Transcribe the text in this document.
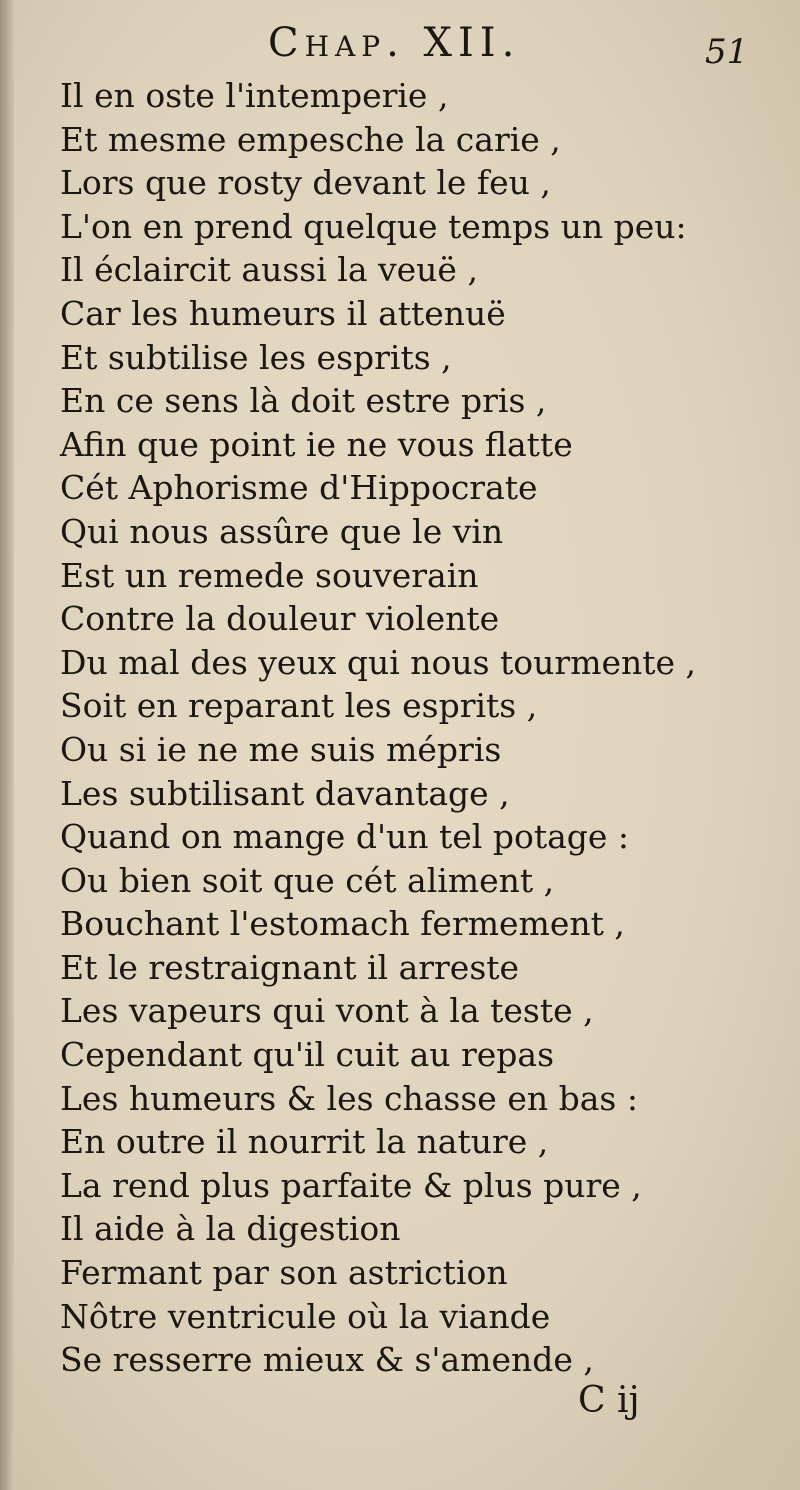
Chap. XII.	51
Il en oste l'intemperie ,
Et mesme empesche la carie ,
Lors que rosty devant le feu ,
L'on en prend quelque temps un peu:
Il éclaircit aussi la veuë ,
Car les humeurs il attenuë
Et subtilise les esprits ,
En ce sens là doit estre pris ,
Afin que point ie ne vous flatte
Cét Aphorisme d'Hippocrate
Qui nous assûre que le vin
Est un remede souverain
Contre la douleur violente
Du mal des yeux qui nous tourmente ,
Soit en reparant les esprits ,
Ou si ie ne me suis mépris
Les subtilisant davantage ,
Quand on mange d'un tel potage :
Ou bien soit que cét aliment ,
Bouchant l'estomach fermement ,
Et le restraignant il arreste
Les vapeurs qui vont à la teste ,
Cependant qu'il cuit au repas
Les humeurs & les chasse en bas :
En outre il nourrit la nature ,
La rend plus parfaite & plus pure ,
Il aide à la digestion
Fermant par son astriction
Nôtre ventricule où la viande
Se resserre mieux & s'amende ,
C ij
